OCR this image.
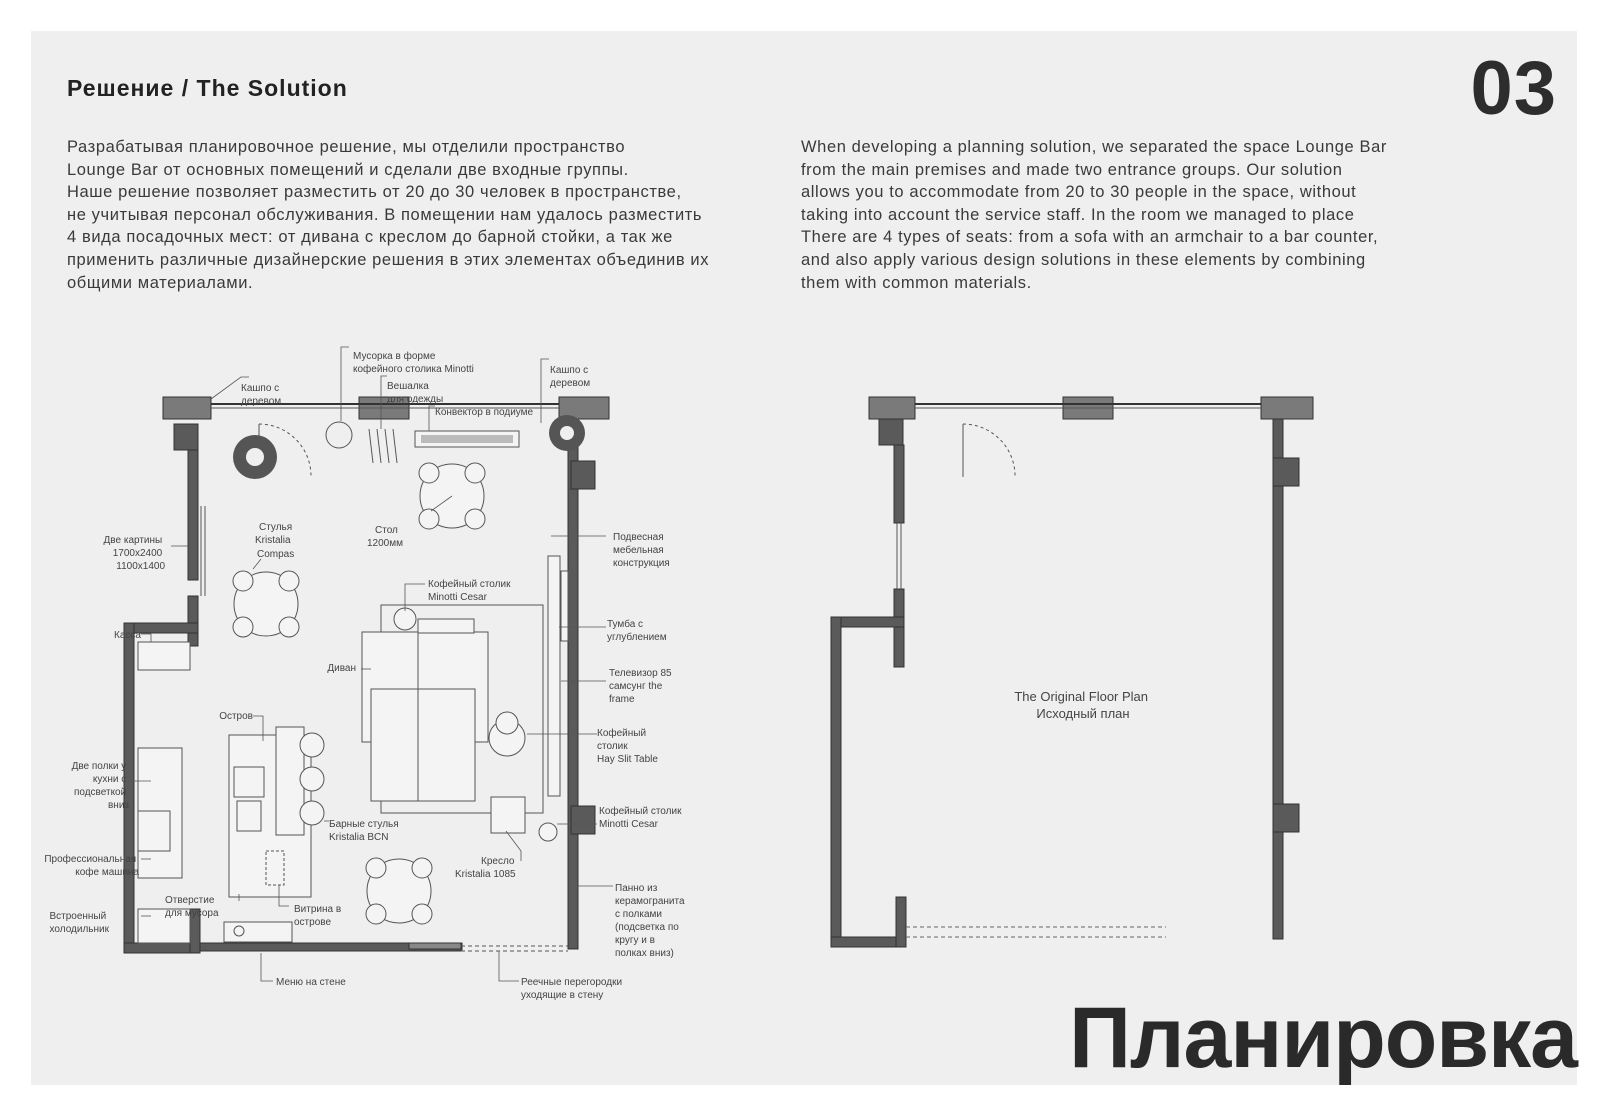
03
Решение / The Solution
Разрабатывая планировочное решение, мы отделили пространство
Lounge Bar от основных помещений и сделали две входные группы.
Наше решение позволяет разместить от 20 до 30 человек в пространстве,
не учитывая персонал обслуживания. В помещении нам удалось разместить
4 вида посадочных мест: от дивана с креслом до барной стойки, а так же
применить различные дизайнерские решения в этих элементах объединив их
общими материалами.
When developing a planning solution, we separated the space Lounge Bar
from the main premises and made two entrance groups. Our solution
allows you to accommodate from 20 to 30 people in the space, without
taking into account the service staff. In the room we managed to place
There are 4 types of seats: from a sofa with an armchair to a bar counter,
and also apply various design solutions in these elements by combining
them with common materials.
Мусорка в форме кофейного столика Minotti
Кашпо с деревом
Вешалка для одежды
Конвектор в подиуме
Кашпо с деревом
Две картины 1700х2400 1100х1400
Стулья Kristalia Compas
Стол 1200мм
Подвесная мебельная конструкция
Кофейный столик Minotti Cesar
Тумба с углублением
Касса
Диван	Телевизор 85 самсунг the frame
Остров
Кофейный столик Hay Slit Table
Две полки у кухни с подсветкой вниз
Кофейный столик Minotti Cesar
Барные стулья Kristalia BCN
Профессиональная кофе машина
Кресло Kristalia 1085
Отверстие для мусора	Витрина в острове
Панно из керамогранита с полками (подсветка по кругу и в полках вниз)
Встроенный холодильник
Меню на стене	Реечные перегородки уходящие в стену
The Original Floor Plan Исходный план
Планировка
